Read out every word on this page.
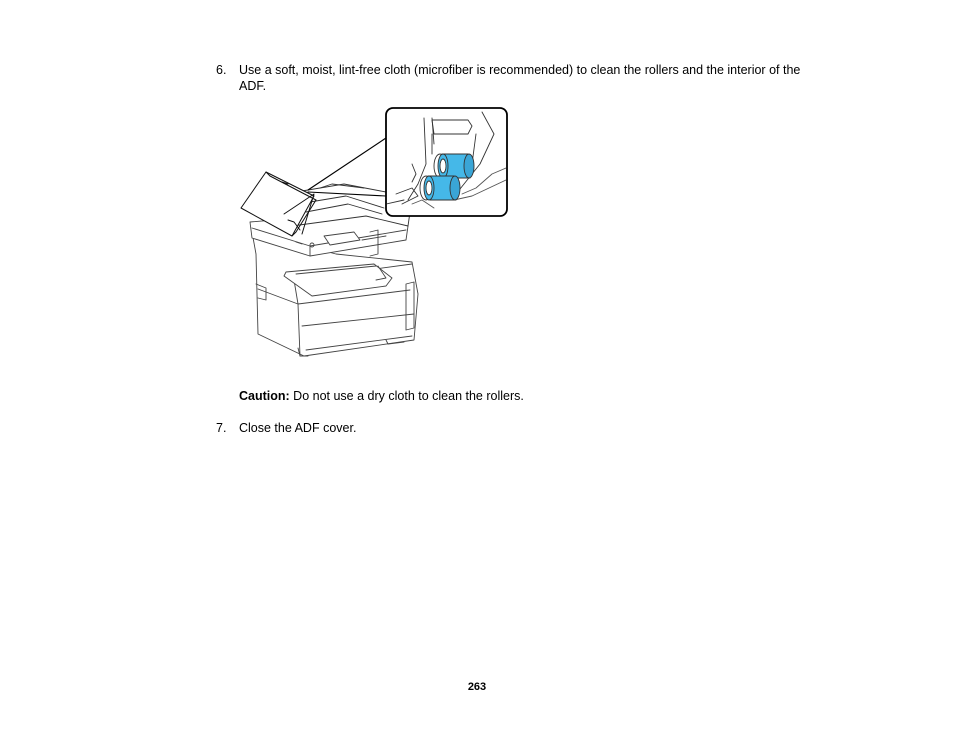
6. Use a soft, moist, lint-free cloth (microfiber is recommended) to clean the rollers and the interior of the ADF.
Caution: Do not use a dry cloth to clean the rollers.
7. Close the ADF cover.
263
